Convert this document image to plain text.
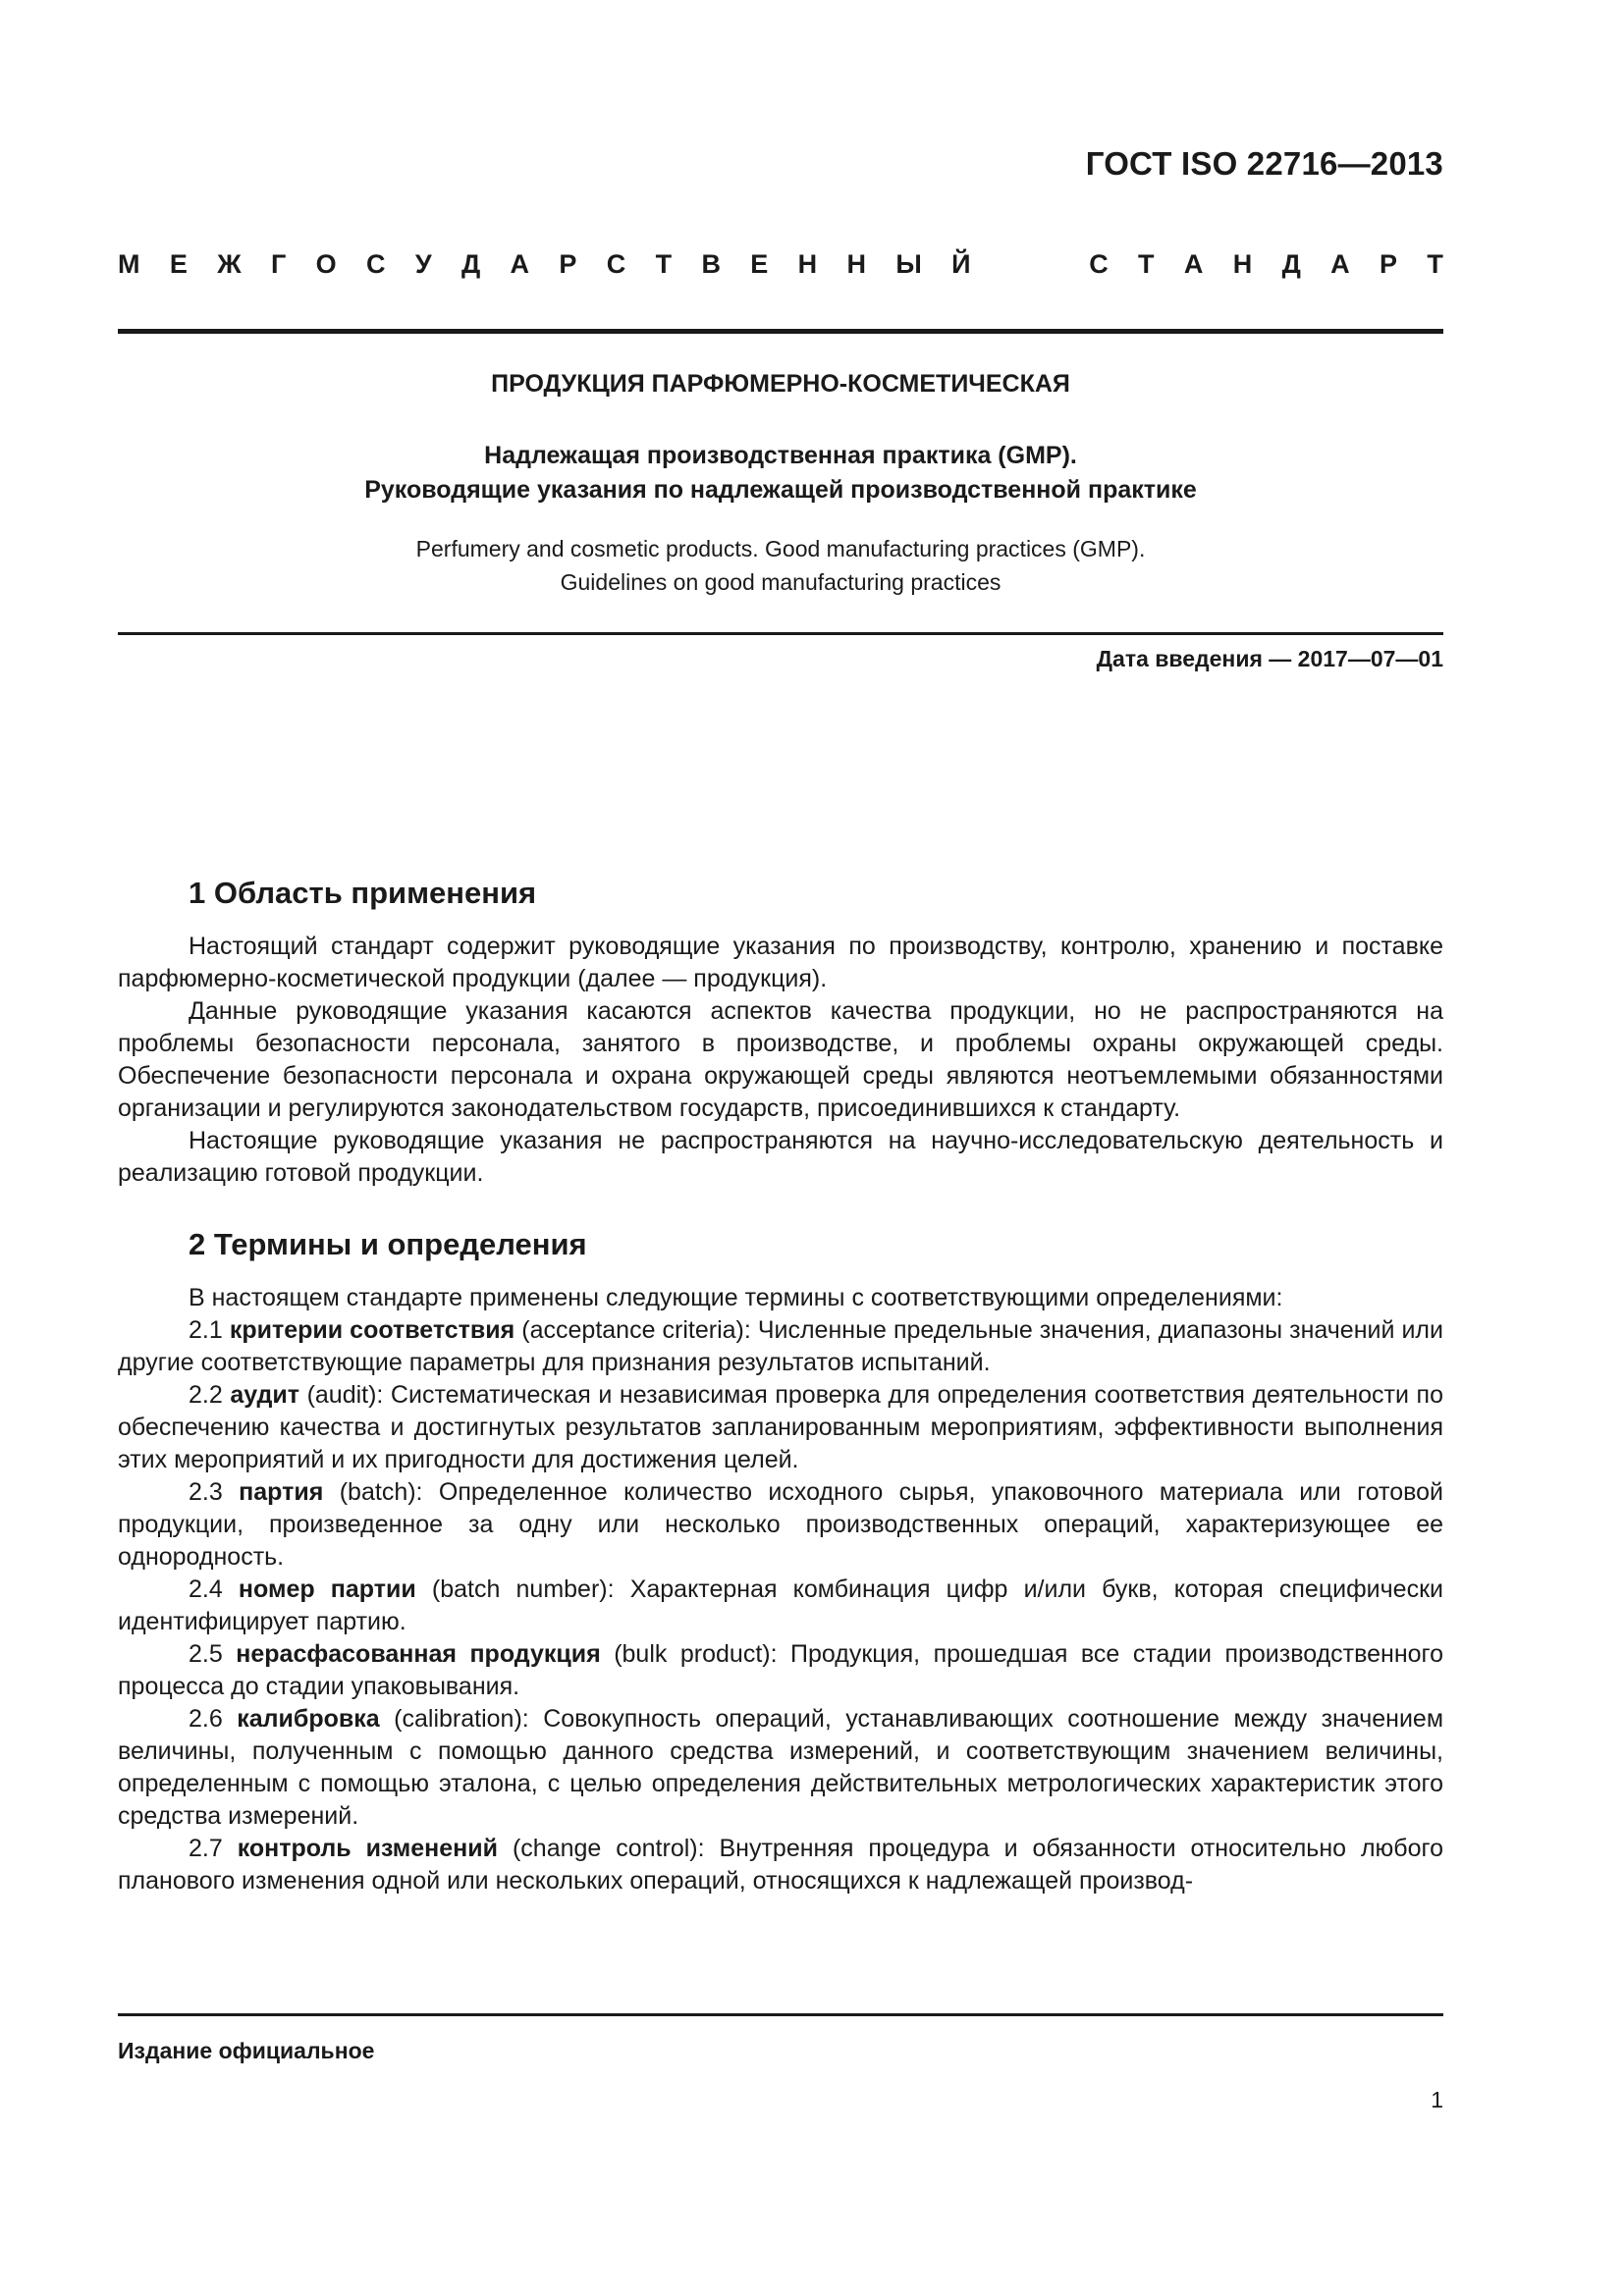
ГОСТ ISO 22716—2013
М Е Ж Г О С У Д А Р С Т В Е Н Н Ы Й	С Т А Н Д А Р Т
ПРОДУКЦИЯ ПАРФЮМЕРНО-КОСМЕТИЧЕСКАЯ
Надлежащая производственная практика (GMP).
Руководящие указания по надлежащей производственной практике
Perfumery and cosmetic products. Good manufacturing practices (GMP).
Guidelines on good manufacturing practices
Дата введения — 2017—07—01
1 Область применения

Настоящий стандарт содержит руководящие указания по производству, контролю, хранению и поставке парфюмерно-косметической продукции (далее — продукция).

Данные руководящие указания касаются аспектов качества продукции, но не распространяются на проблемы безопасности персонала, занятого в производстве, и проблемы охраны окружающей среды. Обеспечение безопасности персонала и охрана окружающей среды являются неотъемлемыми обязанностями организации и регулируются законодательством государств, присоединившихся к стандарту.

Настоящие руководящие указания не распространяются на научно-исследовательскую деятельность и реализацию готовой продукции.

2 Термины и определения

В настоящем стандарте применены следующие термины с соответствующими определениями:

2.1 критерии соответствия (acceptance criteria): Численные предельные значения, диапазоны значений или другие соответствующие параметры для признания результатов испытаний.

2.2 аудит (audit): Систематическая и независимая проверка для определения соответствия деятельности по обеспечению качества и достигнутых результатов запланированным мероприятиям, эффективности выполнения этих мероприятий и их пригодности для достижения целей.

2.3 партия (batch): Определенное количество исходного сырья, упаковочного материала или готовой продукции, произведенное за одну или несколько производственных операций, характеризующее ее однородность.

2.4 номер партии (batch number): Характерная комбинация цифр и/или букв, которая специфически идентифицирует партию.

2.5 нерасфасованная продукция (bulk product): Продукция, прошедшая все стадии производственного процесса до стадии упаковывания.

2.6 калибровка (calibration): Совокупность операций, устанавливающих соотношение между значением величины, полученным с помощью данного средства измерений, и соответствующим значением величины, определенным с помощью эталона, с целью определения действительных метрологических характеристик этого средства измерений.

2.7 контроль изменений (change control): Внутренняя процедура и обязанности относительно любого планового изменения одной или нескольких операций, относящихся к надлежащей производ-

Издание официальное
1
